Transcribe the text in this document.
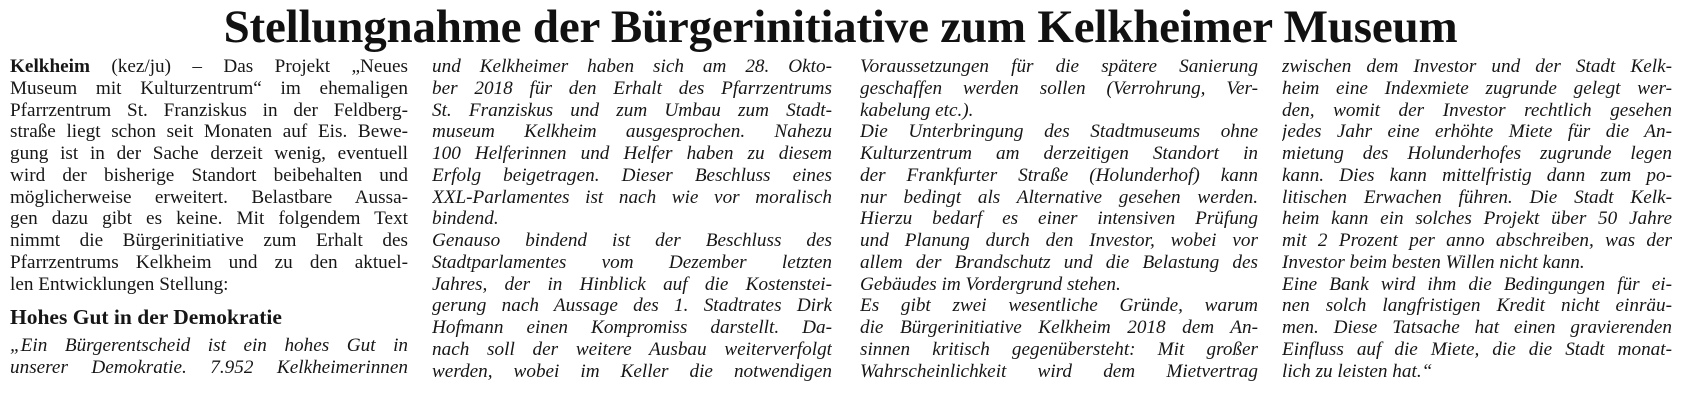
Stellungnahme der Bürgerinitiative zum Kelkheimer Museum
Kelkheim (kez/ju) – Das Projekt „Neues
Museum mit Kulturzentrum“ im ehemaligen
Pfarrzentrum St. Franziskus in der Feldberg-
straße liegt schon seit Monaten auf Eis. Bewe-
gung ist in der Sache derzeit wenig, eventuell
wird der bisherige Standort beibehalten und
möglicherweise erweitert. Belastbare Aussa-
gen dazu gibt es keine. Mit folgendem Text
nimmt die Bürgerinitiative zum Erhalt des
Pfarrzentrums Kelkheim und zu den aktuel-
len Entwicklungen Stellung:
Hohes Gut in der Demokratie
„Ein Bürgerentscheid ist ein hohes Gut in
unserer Demokratie. 7.952 Kelkheimerinnen
und Kelkheimer haben sich am 28. Okto-
ber 2018 für den Erhalt des Pfarrzentrums
St. Franziskus und zum Umbau zum Stadt-
museum Kelkheim ausgesprochen. Nahezu
100 Helferinnen und Helfer haben zu diesem
Erfolg beigetragen. Dieser Beschluss eines
XXL-Parlamentes ist nach wie vor moralisch
bindend.
Genauso bindend ist der Beschluss des
Stadtparlamentes vom Dezember letzten
Jahres, der in Hinblick auf die Kostenstei-
gerung nach Aussage des 1. Stadtrates Dirk
Hofmann einen Kompromiss darstellt. Da-
nach soll der weitere Ausbau weiterverfolgt
werden, wobei im Keller die notwendigen
Voraussetzungen für die spätere Sanierung
geschaffen werden sollen (Verrohrung, Ver-
kabelung etc.).
Die Unterbringung des Stadtmuseums ohne
Kulturzentrum am derzeitigen Standort in
der Frankfurter Straße (Holunderhof) kann
nur bedingt als Alternative gesehen werden.
Hierzu bedarf es einer intensiven Prüfung
und Planung durch den Investor, wobei vor
allem der Brandschutz und die Belastung des
Gebäudes im Vordergrund stehen.
Es gibt zwei wesentliche Gründe, warum
die Bürgerinitiative Kelkheim 2018 dem An-
sinnen kritisch gegenübersteht: Mit großer
Wahrscheinlichkeit wird dem Mietvertrag
zwischen dem Investor und der Stadt Kelk-
heim eine Indexmiete zugrunde gelegt wer-
den, womit der Investor rechtlich gesehen
jedes Jahr eine erhöhte Miete für die An-
mietung des Holunderhofes zugrunde legen
kann. Dies kann mittelfristig dann zum po-
litischen Erwachen führen. Die Stadt Kelk-
heim kann ein solches Projekt über 50 Jahre
mit 2 Prozent per anno abschreiben, was der
Investor beim besten Willen nicht kann.
Eine Bank wird ihm die Bedingungen für ei-
nen solch langfristigen Kredit nicht einräu-
men. Diese Tatsache hat einen gravierenden
Einfluss auf die Miete, die die Stadt monat-
lich zu leisten hat.“
